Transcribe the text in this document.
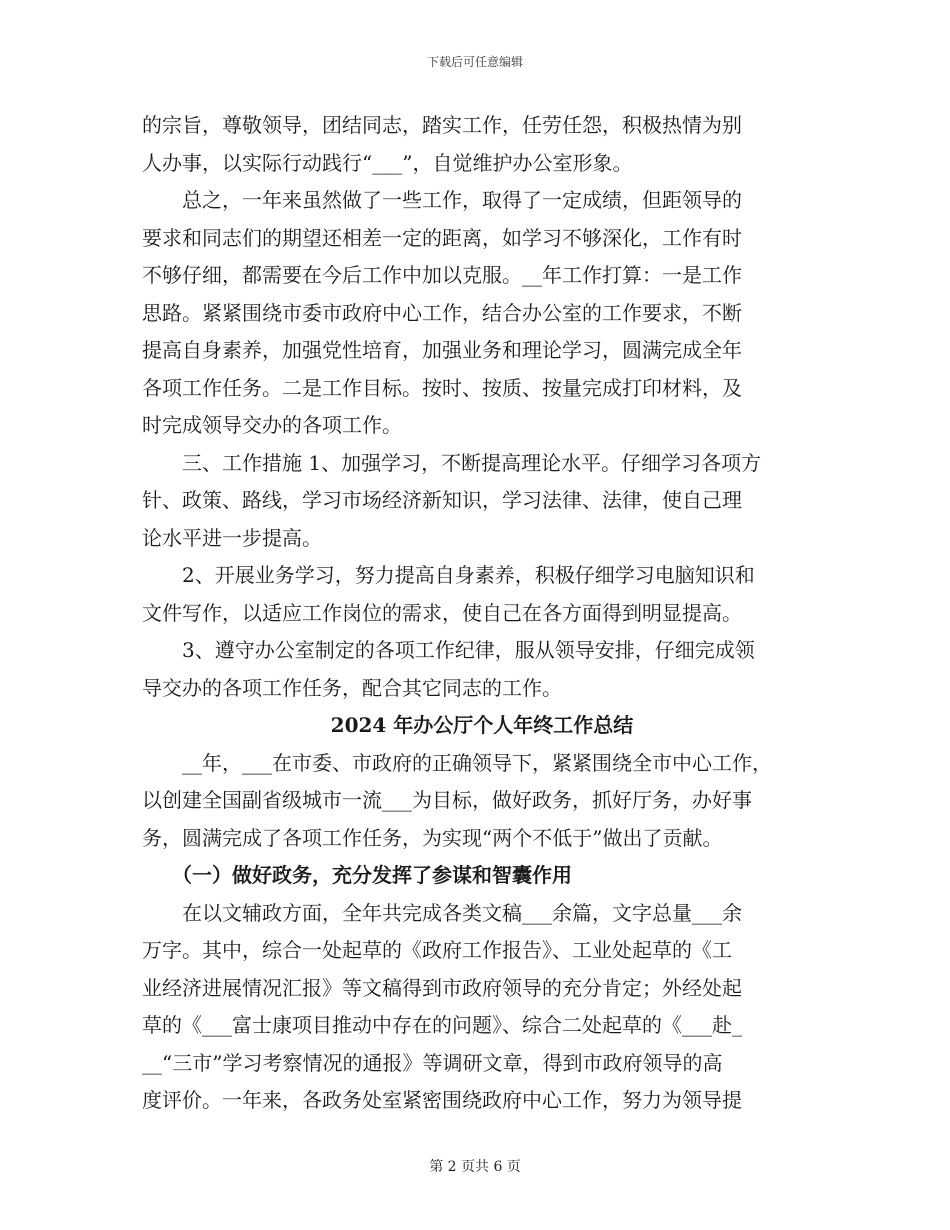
下载后可任意编辑
的宗旨，尊敬领导，团结同志，踏实工作，任劳任怨，积极热情为别
人办事，以实际行动践行“___”，自觉维护办公室形象。
　　总之，一年来虽然做了一些工作，取得了一定成绩，但距领导的
要求和同志们的期望还相差一定的距离，如学习不够深化，工作有时
不够仔细，都需要在今后工作中加以克服。__年工作打算：一是工作
思路。紧紧围绕市委市政府中心工作，结合办公室的工作要求，不断
提高自身素养，加强党性培育，加强业务和理论学习，圆满完成全年
各项工作任务。二是工作目标。按时、按质、按量完成打印材料，及
时完成领导交办的各项工作。
　　三、工作措施 1、加强学习，不断提高理论水平。仔细学习各项方
针、政策、路线，学习市场经济新知识，学习法律、法律，使自己理
论水平进一步提高。
　　2、开展业务学习，努力提高自身素养，积极仔细学习电脑知识和
文件写作，以适应工作岗位的需求，使自己在各方面得到明显提高。
　　3、遵守办公室制定的各项工作纪律，服从领导安排，仔细完成领
导交办的各项工作任务，配合其它同志的工作。
2024 年办公厅个人年终工作总结
　　__年，___在市委、市政府的正确领导下，紧紧围绕全市中心工作，
以创建全国副省级城市一流___为目标，做好政务，抓好厅务，办好事
务，圆满完成了各项工作任务，为实现“两个不低于”做出了贡献。
　　（一）做好政务，充分发挥了参谋和智囊作用
　　在以文辅政方面，全年共完成各类文稿___余篇，文字总量___余
万字。其中，综合一处起草的《政府工作报告》、工业处起草的《工
业经济进展情况汇报》等文稿得到市政府领导的充分肯定；外经处起
草的《___富士康项目推动中存在的问题》、综合二处起草的《___赴_
__“三市”学习考察情况的通报》等调研文章，得到市政府领导的高
度评价。一年来，各政务处室紧密围绕政府中心工作，努力为领导提
第 2 页共 6 页
